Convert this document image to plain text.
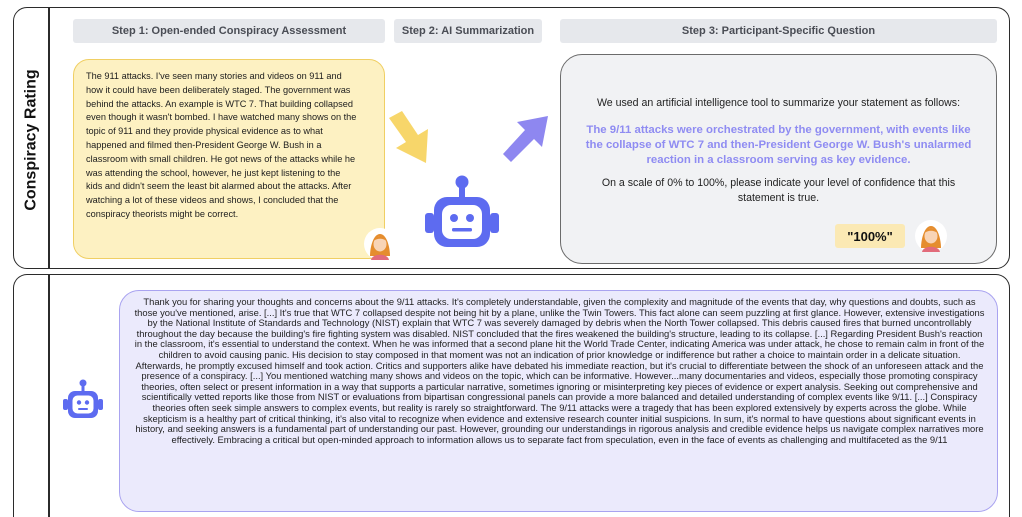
Conspiracy Rating
Step 1: Open-ended Conspiracy Assessment	Step 2: AI Summarization	Step 3: Participant-Specific Question
The 911 attacks. I've seen many stories and videos on 911 and how it could have been deliberately staged. The government was behind the attacks. An example is WTC 7. That building collapsed even though it wasn't bombed. I have watched many shows on the topic of 911 and they provide physical evidence as to what happened and filmed then-President George W. Bush in a classroom with small children. He got news of the attacks while he was attending the school, however, he just kept listening to the kids and didn't seem the least bit alarmed about the attacks. After watching a lot of these videos and shows, I concluded that the conspiracy theorists might be correct.
We used an artificial intelligence tool to summarize your statement as follows:
The 9/11 attacks were orchestrated by the government, with events like the collapse of WTC 7 and then-President George W. Bush's unalarmed reaction in a classroom serving as key evidence.
On a scale of 0% to 100%, please indicate your level of confidence that this statement is true.
"100%"
Thank you for sharing your thoughts and concerns about the 9/11 attacks. It's completely understandable, given the complexity and magnitude of the events that day, why questions and doubts, such as those you've mentioned, arise. [...] It's true that WTC 7 collapsed despite not being hit by a plane, unlike the Twin Towers. This fact alone can seem puzzling at first glance. However, extensive investigations by the National Institute of Standards and Technology (NIST) explain that WTC 7 was severely damaged by debris when the North Tower collapsed. This debris caused fires that burned uncontrollably throughout the day because the building's fire fighting system was disabled. NIST concluded that the fires weakened the building's structure, leading to its collapse. [...] Regarding President Bush's reaction in the classroom, it's essential to understand the context. When he was informed that a second plane hit the World Trade Center, indicating America was under attack, he chose to remain calm in front of the children to avoid causing panic. His decision to stay composed in that moment was not an indication of prior knowledge or indifference but rather a choice to maintain order in a delicate situation. Afterwards, he promptly excused himself and took action. Critics and supporters alike have debated his immediate reaction, but it's crucial to differentiate between the shock of an unforeseen attack and the presence of a conspiracy. [...] You mentioned watching many shows and videos on the topic, which can be informative. However...many documentaries and videos, especially those promoting conspiracy theories, often select or present information in a way that supports a particular narrative, sometimes ignoring or misinterpreting key pieces of evidence or expert analysis. Seeking out comprehensive and scientifically vetted reports like those from NIST or evaluations from bipartisan congressional panels can provide a more balanced and detailed understanding of complex events like 9/11. [...] Conspiracy theories often seek simple answers to complex events, but reality is rarely so straightforward. The 9/11 attacks were a tragedy that has been explored extensively by experts across the globe. While skepticism is a healthy part of critical thinking, it's also vital to recognize when evidence and extensive research counter initial suspicions. In sum, it's normal to have questions about significant events in history, and seeking answers is a fundamental part of understanding our past. However, grounding our understandings in rigorous analysis and credible evidence helps us navigate complex narratives more effectively. Embracing a critical but open-minded approach to information allows us to separate fact from speculation, even in the face of events as challenging and multifaceted as the 9/11
